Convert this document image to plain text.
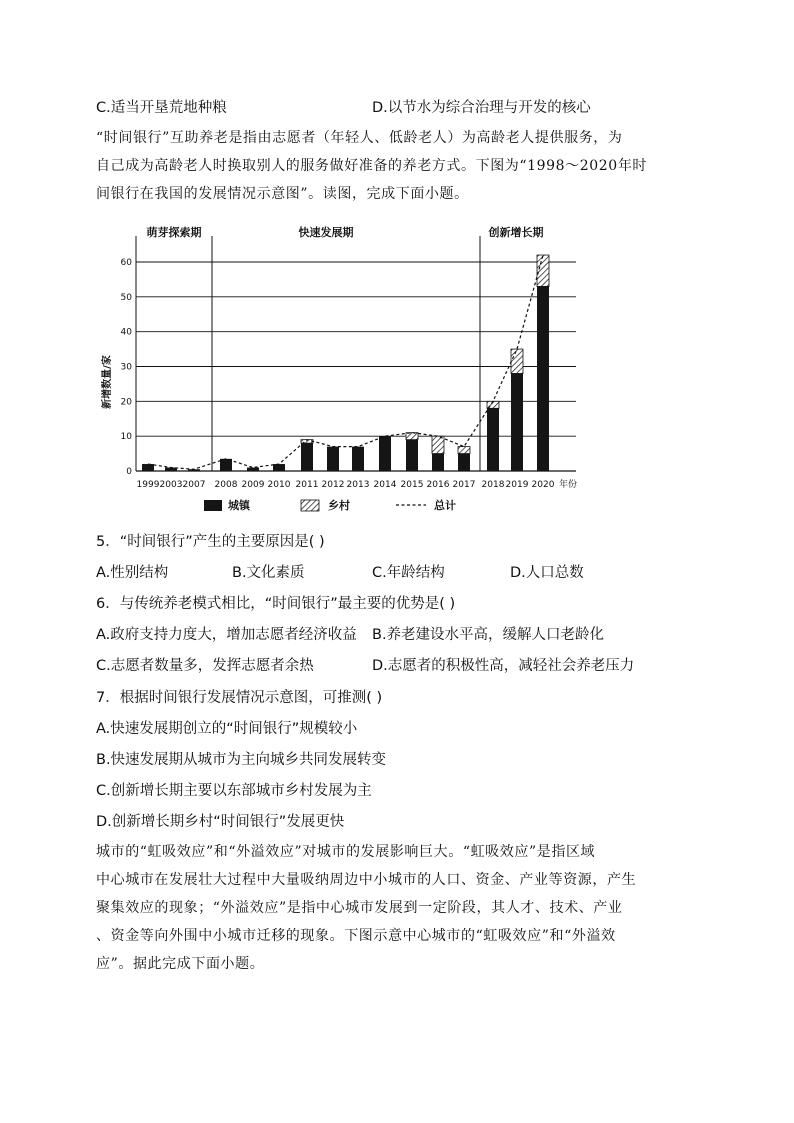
C.适当开垦荒地种粮	D.以节水为综合治理与开发的核心
“时间银行”互助养老是指由志愿者（年轻人、低龄老人）为高龄老人提供服务，为
自己成为高龄老人时换取别人的服务做好准备的养老方式。下图为“1998～2020年时
间银行在我国的发展情况示意图”。读图，完成下面小题。
萌芽探索期	快速发展期	创新增长期
1999 2003 2007 2008 2009 2010 2011 2012 2013 2014 2015 2016 2017 2018 2019 2020 年份
0
10
20
30
40
50
60
新增数量/家
城镇	乡村	总计
5．“时间银行”产生的主要原因是( )
A.性别结构	B.文化素质	C.年龄结构	D.人口总数
6．与传统养老模式相比，“时间银行”最主要的优势是( )
A.政府支持力度大，增加志愿者经济收益 B.养老建设水平高，缓解人口老龄化
C.志愿者数量多，发挥志愿者余热	D.志愿者的积极性高，减轻社会养老压力
7．根据时间银行发展情况示意图，可推测( )
A.快速发展期创立的“时间银行”规模较小
B.快速发展期从城市为主向城乡共同发展转变
C.创新增长期主要以东部城市乡村发展为主
D.创新增长期乡村“时间银行”发展更快
城市的“虹吸效应”和“外溢效应”对城市的发展影响巨大。“虹吸效应”是指区域
中心城市在发展壮大过程中大量吸纳周边中小城市的人口、资金、产业等资源，产生
聚集效应的现象；“外溢效应”是指中心城市发展到一定阶段，其人才、技术、产业
、资金等向外围中小城市迁移的现象。下图示意中心城市的“虹吸效应”和“外溢效
应”。据此完成下面小题。
